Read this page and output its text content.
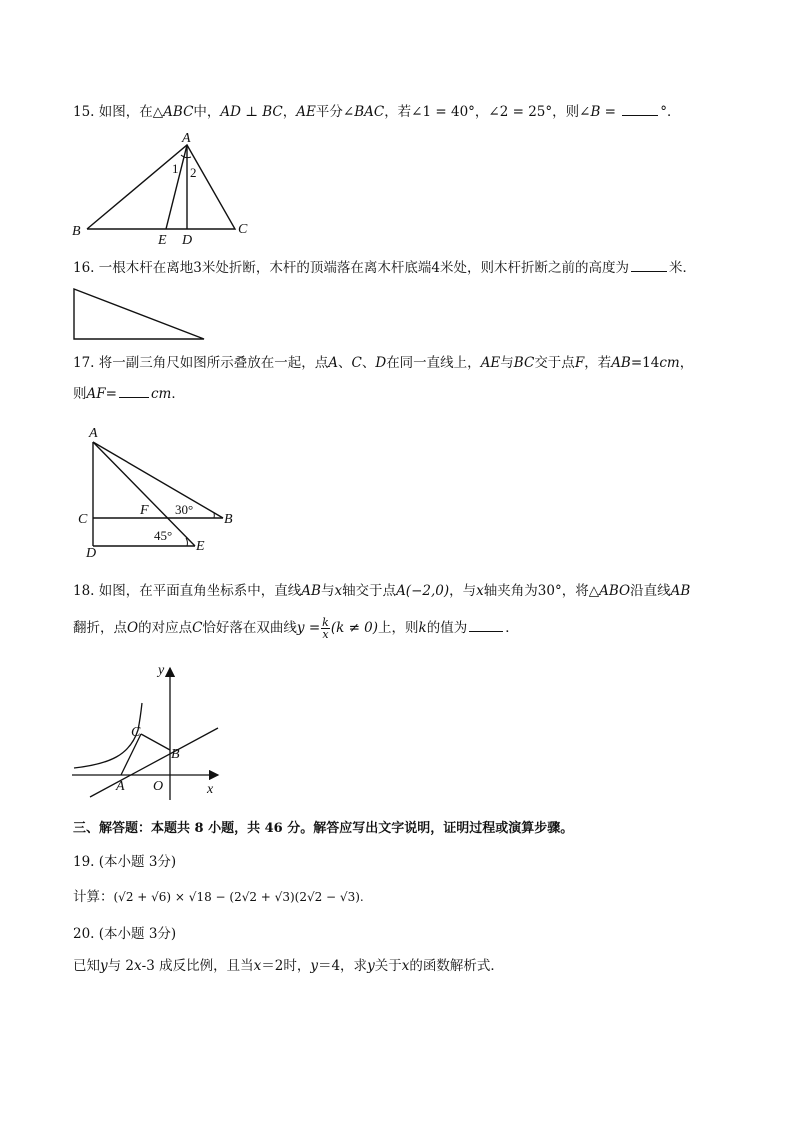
15. 如图，在△ABC中，AD ⊥ BC，AE平分∠BAC，若∠1 = 40°，∠2 = 25°，则∠B =	°．
A
B	C
E D
1 2
16. 一根木杆在离地3米处折断，木杆的顶端落在离木杆底端4米处，则木杆折断之前的高度为	米．
17. 将一副三角尺如图所示叠放在一起，点A、C、D在同一直线上，AE与BC交于点F，若AB=14cm，
则AF=	cm．
A
C
D
B
E
F 30°
45°
18. 如图，在平面直角坐标系中，直线AB与x轴交于点A(−2,0)，与x轴夹角为30°，将△ABO沿直线AB
翻折，点O的对应点C恰好落在双曲线$y = \frac{k}{x} (k \ne 0)$上，则k的值为	．
y
x
A O
B
C
三、解答题：本题共 8 小题，共 46 分。解答应写出文字说明，证明过程或演算步骤。
19. (本小题 3分)
计算：(√2 + √6) × √18 − (2√2 + √3)(2√2 − √3).
20. (本小题 3分)
已知y与 2x-3 成反比例，且当x＝2时，y＝4，求y关于x的函数解析式．
